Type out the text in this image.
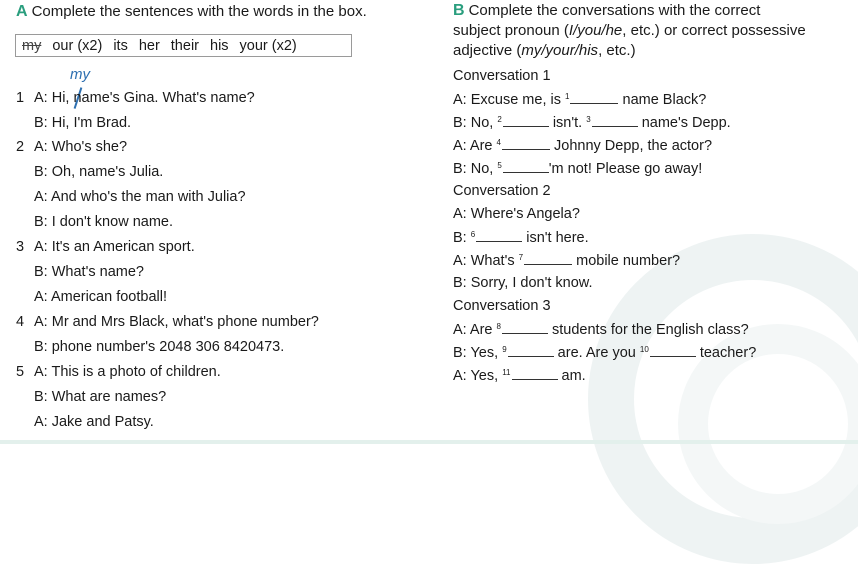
A Complete the sentences with the words in the box.
my our (x2) its her their his your (x2)
my
1 A: Hi, name's Gina. What's name?
B: Hi, I'm Brad.
2 A: Who's she?
B: Oh, name's Julia.
A: And who's the man with Julia?
B: I don't know name.
3 A: It's an American sport.
B: What's name?
A: American football!
4 A: Mr and Mrs Black, what's phone number?
B: phone number's 2048 306 8420473.
5 A: This is a photo of children.
B: What are names?
A: Jake and Patsy.
B Complete the conversations with the correct
subject pronoun (I/you/he, etc.) or correct possessive
adjective (my/your/his, etc.)
Conversation 1
A: Excuse me, is $^1$	name Black?
B: No, $^2$	isn't. $^3$	name's Depp.
A: Are $^4$	Johnny Depp, the actor?
B: No, $^5$	'm not! Please go away!
Conversation 2
A: Where's Angela?
B: $^6$	isn't here.
A: What's $^7$	mobile number?
B: Sorry, I don't know.
Conversation 3
A: Are $^8$	students for the English class?
B: Yes, $^9$	are. Are you $^{10}$	teacher?
A: Yes, $^{11}$	am.
